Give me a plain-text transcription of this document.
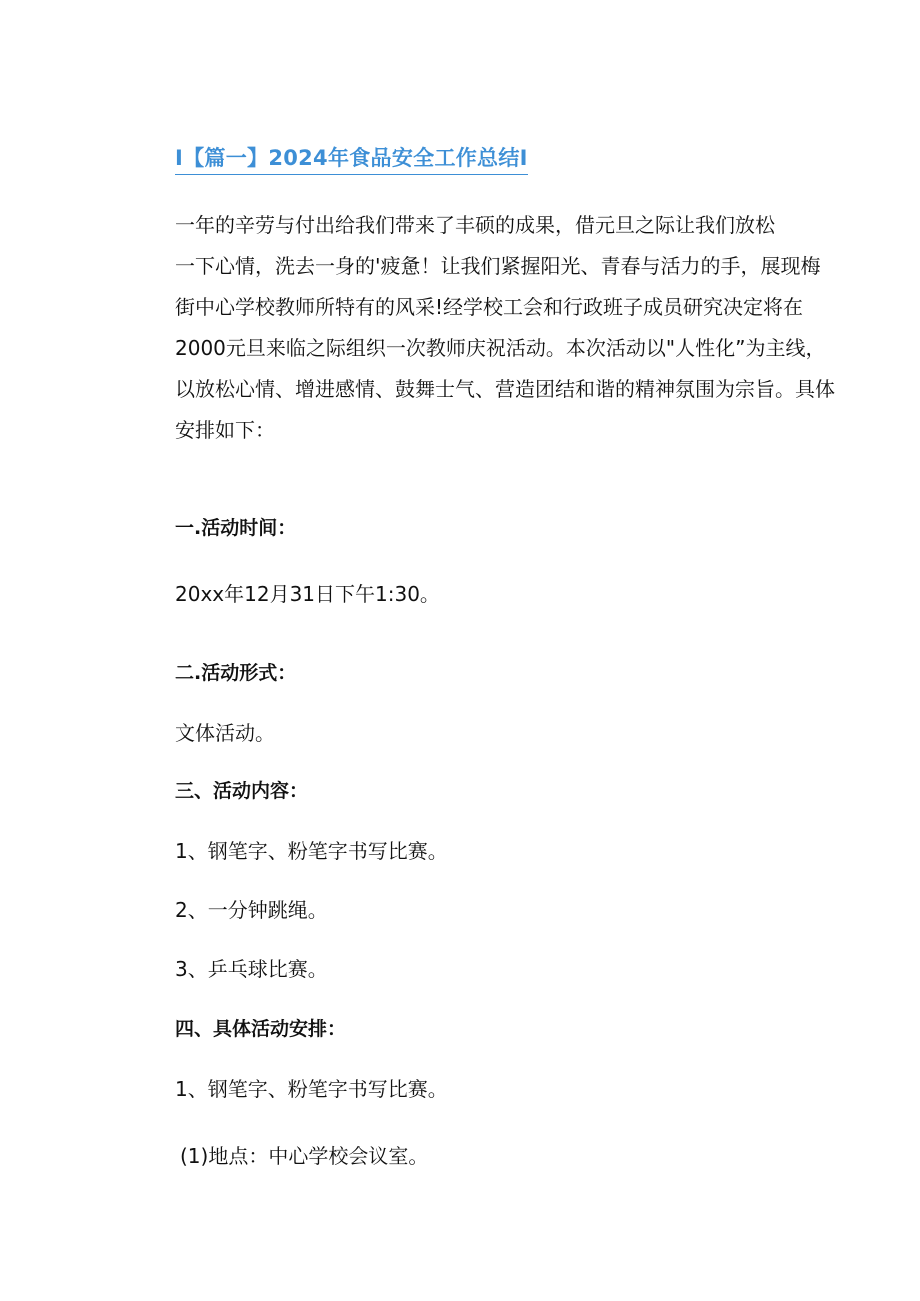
I【篇一】2024年食品安全工作总结I
一年的辛劳与付出给我们带来了丰硕的成果，借元旦之际让我们放松
一下心情，洗去一身的'疲惫！让我们紧握阳光、青春与活力的手，展现梅
街中心学校教师所特有的风采!经学校工会和行政班子成员研究决定将在
2000元旦来临之际组织一次教师庆祝活动。本次活动以"人性化”为主线，
以放松心情、增进感情、鼓舞士气、营造团结和谐的精神氛围为宗旨。具体
安排如下：
一.活动时间：
20xx年12月31日下午1:30。
二.活动形式：
文体活动。
三、活动内容：
1、钢笔字、粉笔字书写比赛。
2、一分钟跳绳。
3、乒乓球比赛。
四、具体活动安排：
1、钢笔字、粉笔字书写比赛。
(1)地点：中心学校会议室。
